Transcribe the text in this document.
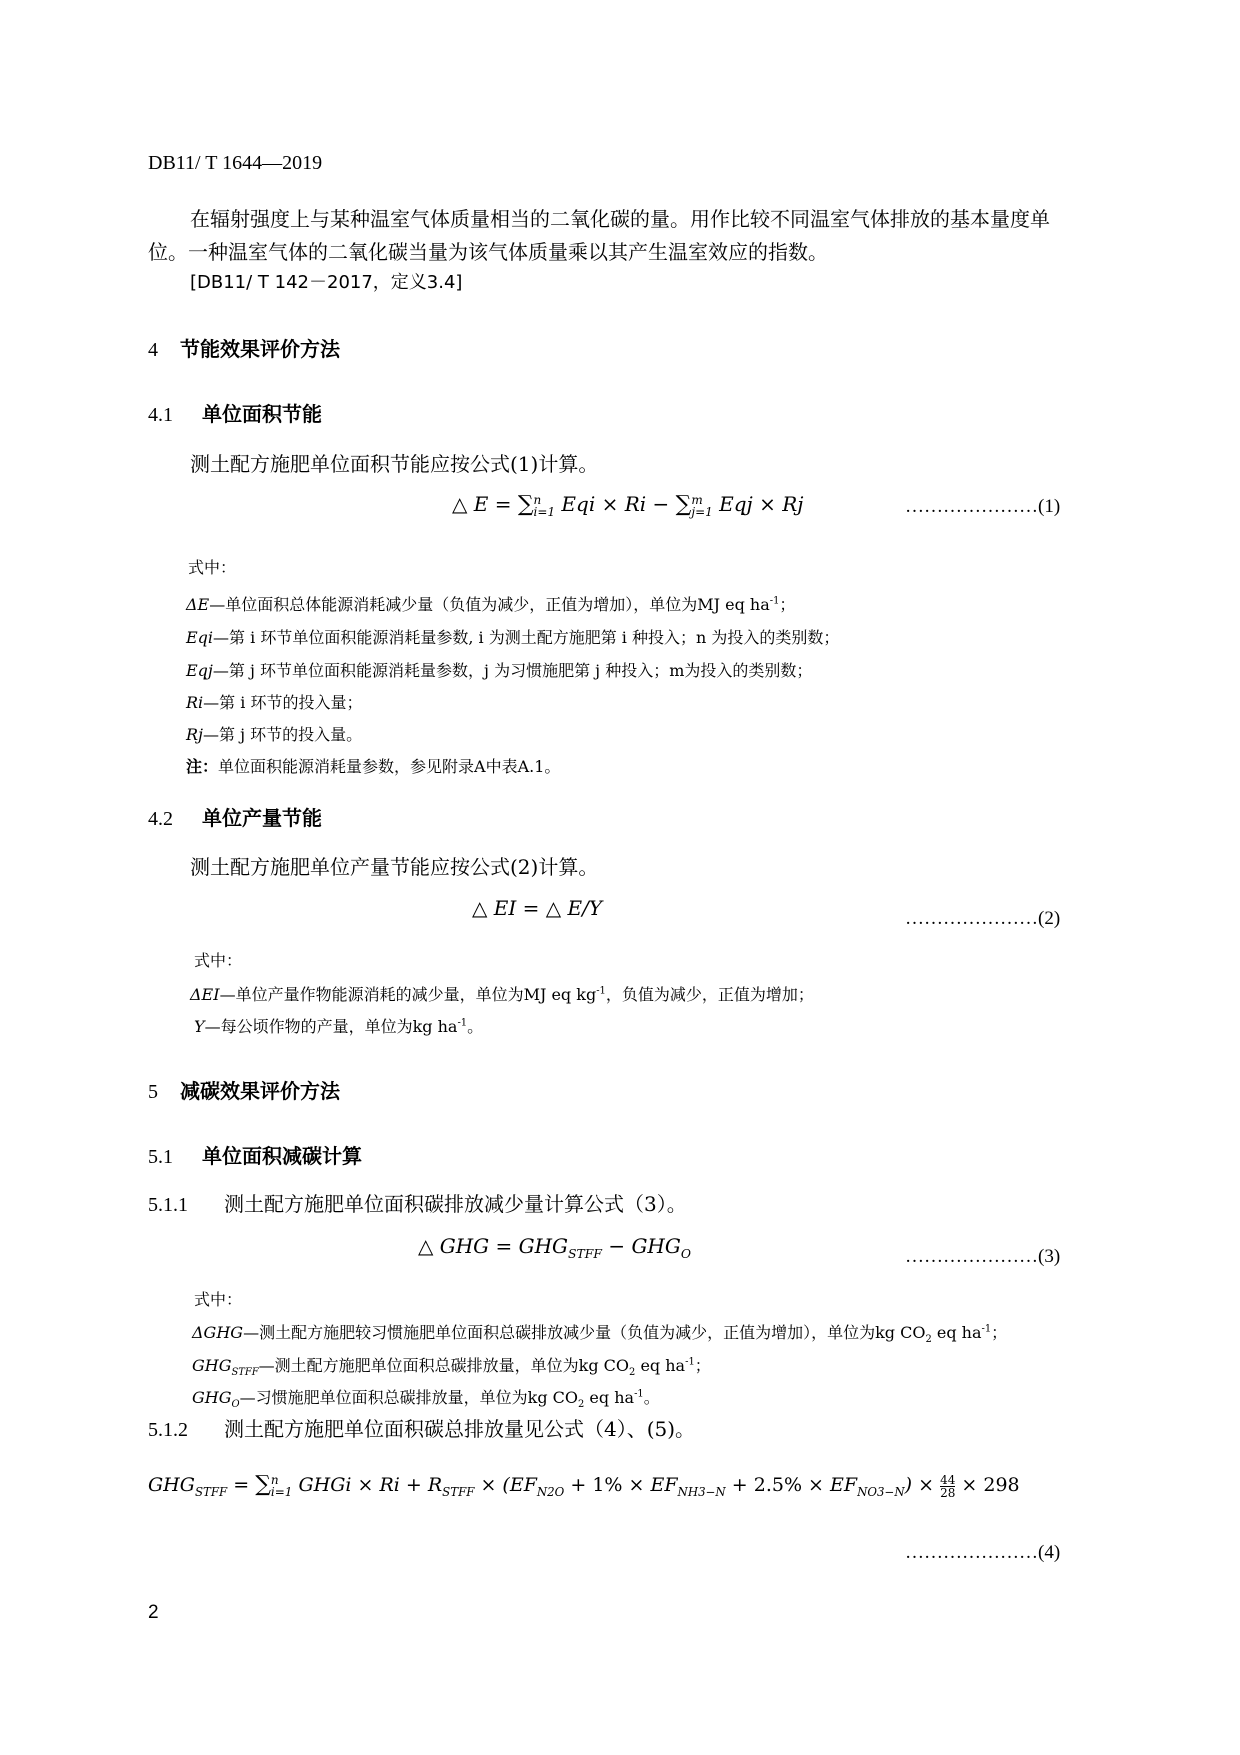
DB11/ T 1644—2019
在辐射强度上与某种温室气体质量相当的二氧化碳的量。用作比较不同温室气体排放的基本量度单
位。一种温室气体的二氧化碳当量为该气体质量乘以其产生温室效应的指数。
[DB11/ T 142－2017，定义3.4]
4 节能效果评价方法
4.1 单位面积节能
测土配方施肥单位面积节能应按公式(1)计算。
△ E = ∑ n
i=1 Eqi × Ri − ∑ m
j=1 Eqj × Rj	…………………(1)
式中：
ΔE—单位面积总体能源消耗减少量（负值为减少，正值为增加），单位为MJ eq $ha^{-1}$；
Eqi—第 i 环节单位面积能源消耗量参数, i 为测土配方施肥第 i 种投入；n 为投入的类别数；
Eqj—第 j 环节单位面积能源消耗量参数，j 为习惯施肥第 j 种投入；m为投入的类别数；
Ri—第 i 环节的投入量；
Rj—第 j 环节的投入量。
注：单位面积能源消耗量参数，参见附录A中表A.1。
4.2 单位产量节能
测土配方施肥单位产量节能应按公式(2)计算。
△ EI = △ E/Y	…………………(2)
式中：
ΔEI—单位产量作物能源消耗的减少量，单位为MJ eq $kg^{-1}$，负值为减少，正值为增加；
Y—每公顷作物的产量，单位为kg $ha^{-1}$。
5 减碳效果评价方法
5.1 单位面积减碳计算
5.1.1 测土配方施肥单位面积碳排放减少量计算公式（3）。
△ GHG = $GHG_{STFF} - GHG_O$	…………………(3)
式中：
ΔGHG—测土配方施肥较习惯施肥单位面积总碳排放减少量（负值为减少，正值为增加），单位为kg $CO_2$ eq $ha^{-1}$；
$GHG_{STFF}—$测土配方施肥单位面积总碳排放量，单位为kg $CO_2$ eq $ha^{-1}$；
$GHG_O—$习惯施肥单位面积总碳排放量，单位为kg $CO_2$ eq $ha^{-1}$。
5.1.2 测土配方施肥单位面积碳总排放量见公式（4）、(5)。
$GHG_{STFF}$ = ∑ n
i=1 GHGi × $Ri + R_{STFF} \times (EF_{N2O} + 1\% \times EF_{NH3-N} + 2.5\% \times EF_{NO3-N}) \times \frac{44}{28} \times 298$
…………………(4)
2
